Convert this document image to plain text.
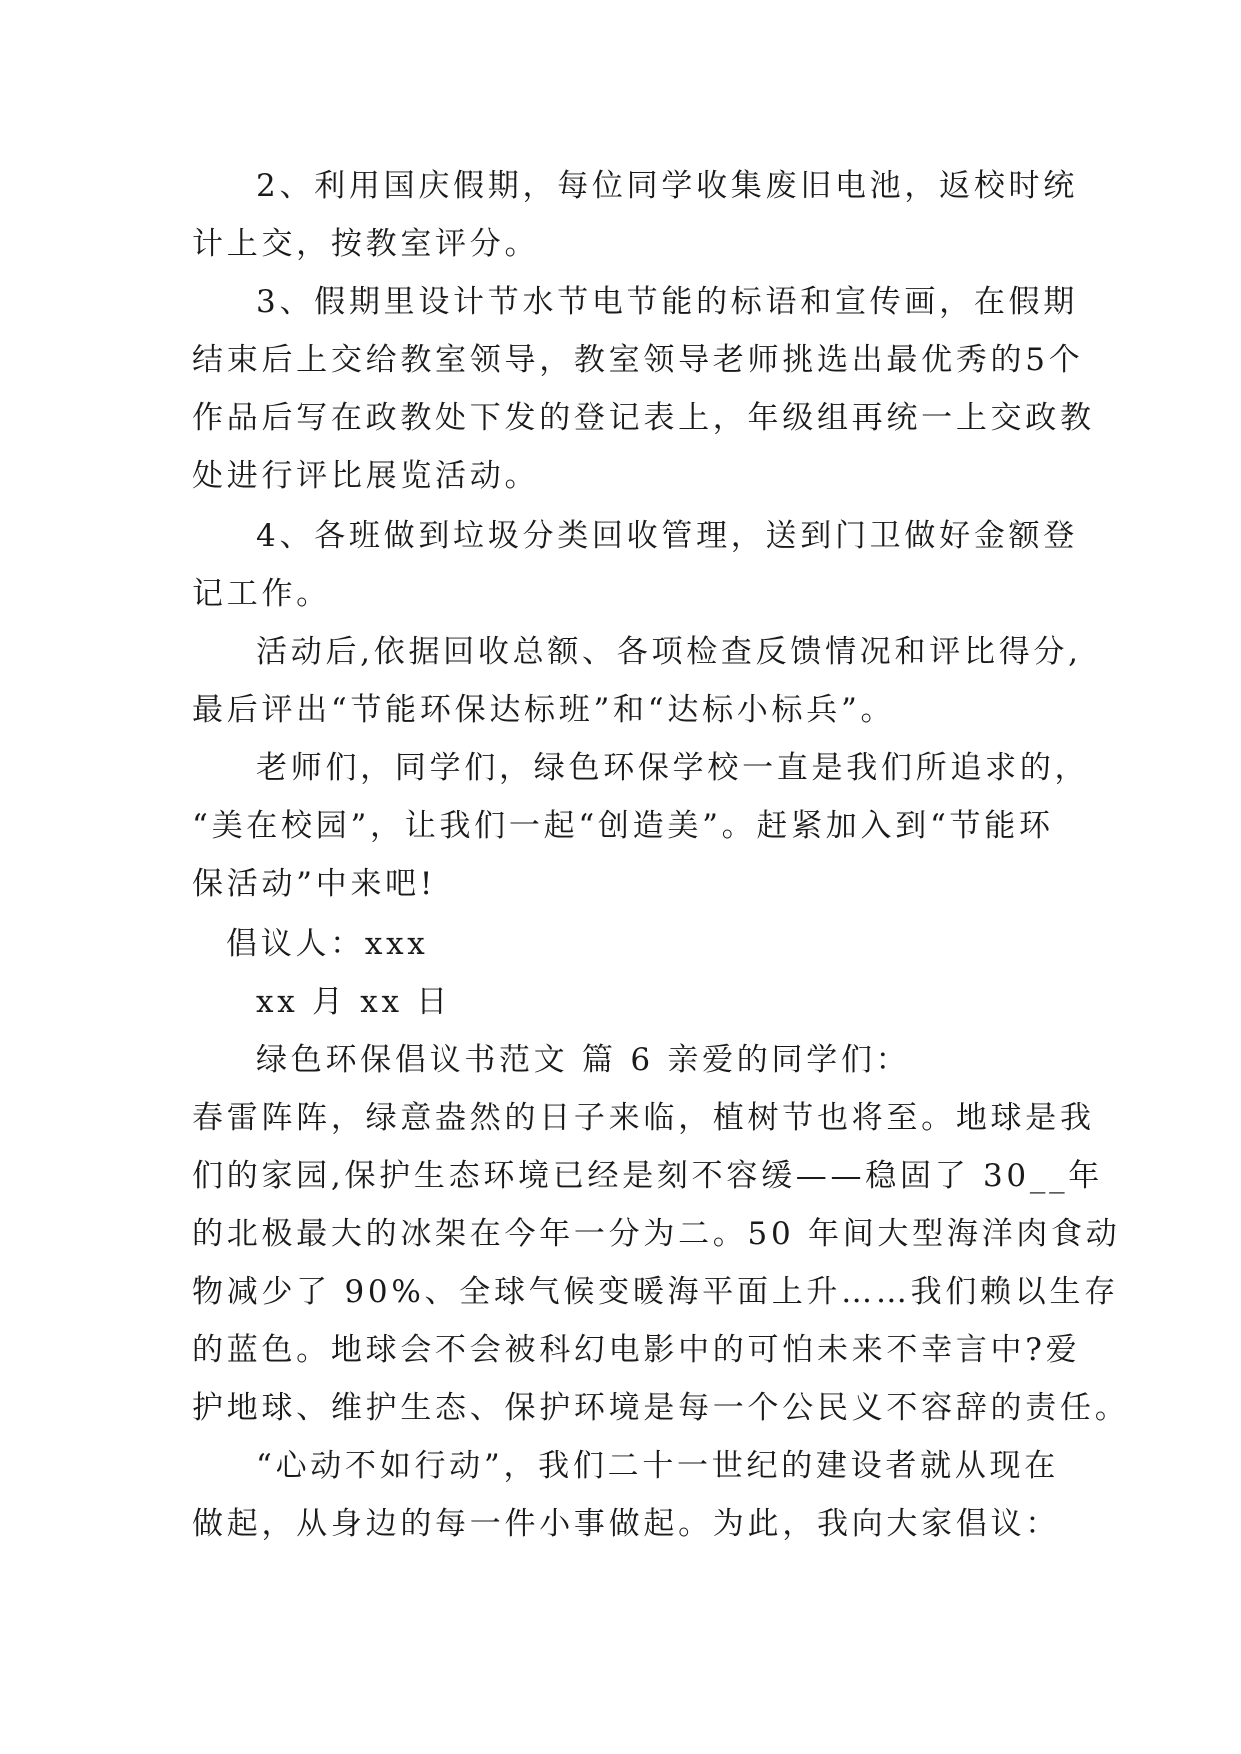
2、利用国庆假期，每位同学收集废旧电池，返校时统
计上交，按教室评分。
3、假期里设计节水节电节能的标语和宣传画，在假期
结束后上交给教室领导，教室领导老师挑选出最优秀的5个
作品后写在政教处下发的登记表上，年级组再统一上交政教
处进行评比展览活动。
4、各班做到垃圾分类回收管理，送到门卫做好金额登
记工作。
活动后,依据回收总额、各项检查反馈情况和评比得分,
最后评出“节能环保达标班”和“达标小标兵”。
老师们，同学们，绿色环保学校一直是我们所追求的，
“美在校园”，让我们一起“创造美”。赶紧加入到“节能环
保活动”中来吧!
倡议人：xxx
xx 月 xx 日
绿色环保倡议书范文 篇 6 亲爱的同学们：
春雷阵阵，绿意盎然的日子来临，植树节也将至。地球是我
们的家园,保护生态环境已经是刻不容缓——稳固了 30__年
的北极最大的冰架在今年一分为二。50 年间大型海洋肉食动
物减少了 90%、全球气候变暖海平面上升……我们赖以生存
的蓝色。地球会不会被科幻电影中的可怕未来不幸言中?爱
护地球、维护生态、保护环境是每一个公民义不容辞的责任。
“心动不如行动”，我们二十一世纪的建设者就从现在
做起，从身边的每一件小事做起。为此，我向大家倡议：
